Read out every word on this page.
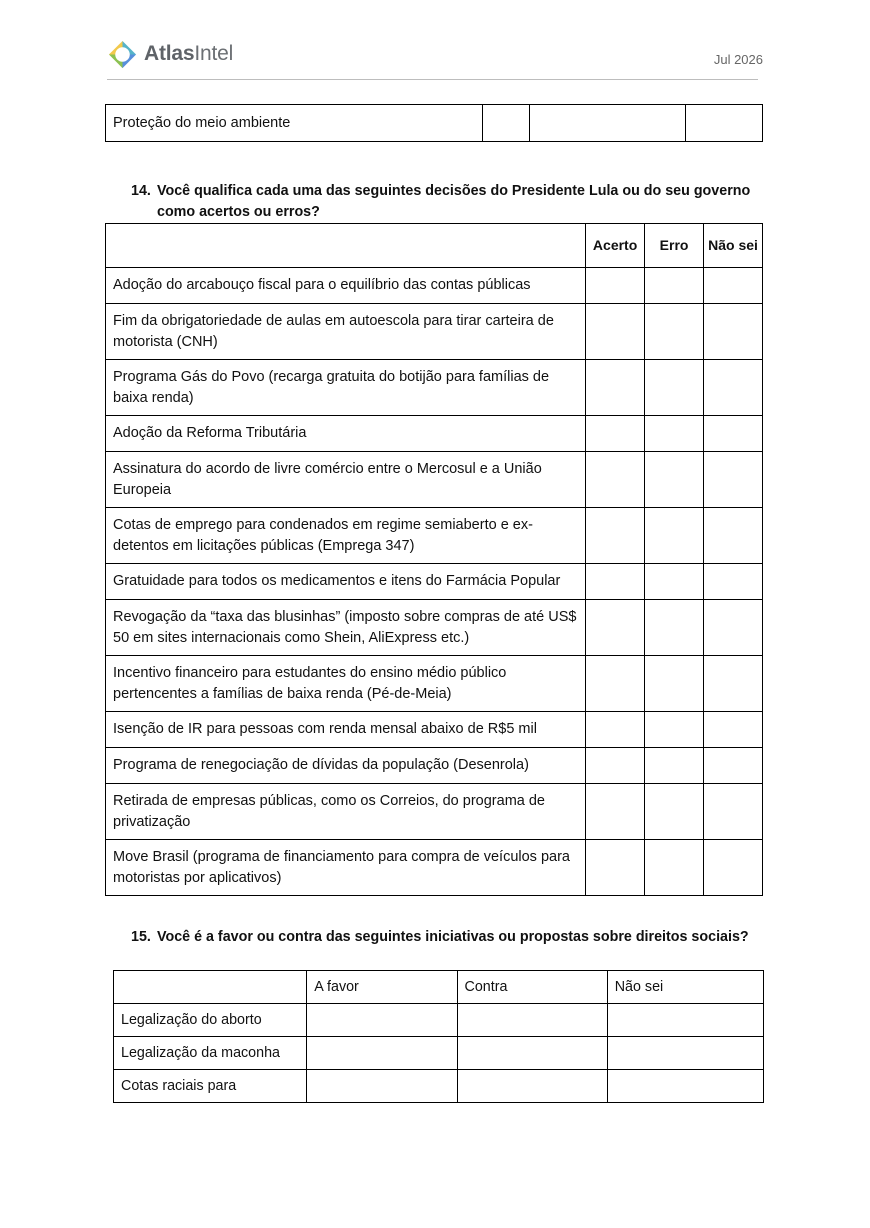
AtlasIntel	Jul 2026
Proteção do meio ambiente			
14. Você qualifica cada uma das seguintes decisões do Presidente Lula ou do seu governo como acertos ou erros?
	Acerto	Erro	Não sei
Adoção do arcabouço fiscal para o equilíbrio das contas públicas			
Fim da obrigatoriedade de aulas em autoescola para tirar carteira de motorista (CNH)			
Programa Gás do Povo (recarga gratuita do botijão para famílias de baixa renda)			
Adoção da Reforma Tributária			
Assinatura do acordo de livre comércio entre o Mercosul e a União Europeia			
Cotas de emprego para condenados em regime semiaberto e ex-detentos em licitações públicas (Emprega 347)			
Gratuidade para todos os medicamentos e itens do Farmácia Popular			
Revogação da “taxa das blusinhas” (imposto sobre compras de até US$ 50 em sites internacionais como Shein, AliExpress etc.)			
Incentivo financeiro para estudantes do ensino médio público pertencentes a famílias de baixa renda (Pé-de-Meia)			
Isenção de IR para pessoas com renda mensal abaixo de R$5 mil			
Programa de renegociação de dívidas da população (Desenrola)			
Retirada de empresas públicas, como os Correios, do programa de privatização			
Move Brasil (programa de financiamento para compra de veículos para motoristas por aplicativos)			
15. Você é a favor ou contra das seguintes iniciativas ou propostas sobre direitos sociais?
	A favor	Contra	Não sei
Legalização do aborto			
Legalização da maconha			
Cotas raciais para			
